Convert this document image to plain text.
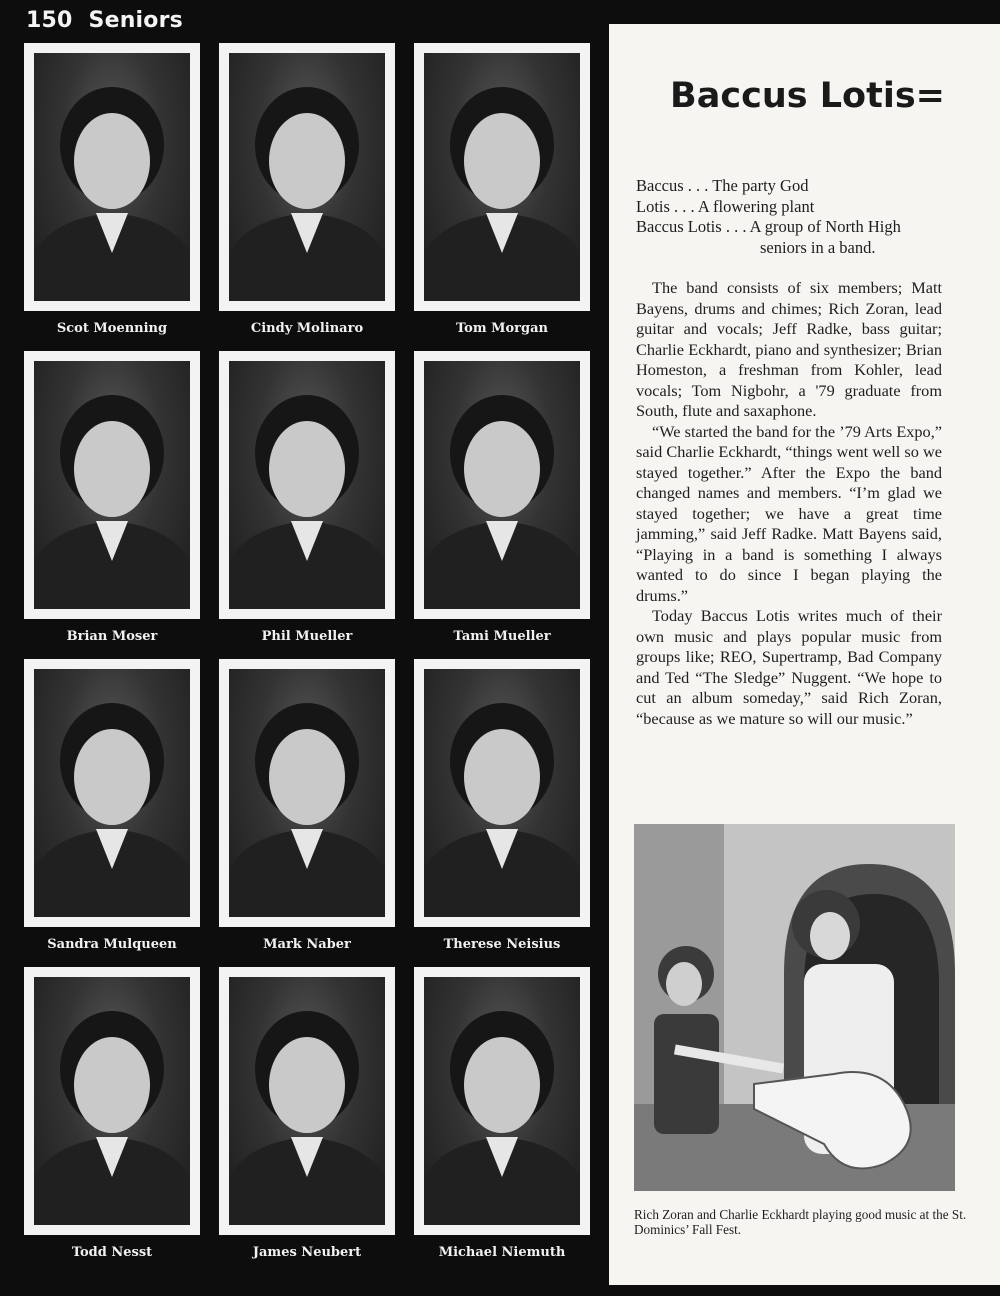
150 Seniors
Scot Moenning	Cindy Molinaro	Tom Morgan
Brian Moser	Phil Mueller	Tami Mueller
Sandra Mulqueen	Mark Naber	Therese Neisius
Todd Nesst	James Neubert	Michael Niemuth
Baccus Lotis=
Baccus . . . The party God
Lotis . . . A flowering plant
Baccus Lotis . . . A group of North High
seniors in a band.

The band consists of six members; Matt Bayens, drums and chimes; Rich Zoran, lead guitar and vocals; Jeff Radke, bass guitar; Charlie Eckhardt, piano and synthesizer; Brian Homeston, a freshman from Kohler, lead vocals; Tom Nigbohr, a '79 graduate from South, flute and saxaphone.

“We started the band for the ’79 Arts Expo,” said Charlie Eckhardt, “things went well so we stayed together.” After the Expo the band changed names and members. “I’m glad we stayed together; we have a great time jamming,” said Jeff Radke. Matt Bayens said, “Playing in a band is something I always wanted to do since I began playing the drums.”

Today Baccus Lotis writes much of their own music and plays popular music from groups like; REO, Supertramp, Bad Company and Ted “The Sledge” Nuggent. “We hope to cut an album someday,” said Rich Zoran, “because as we mature so will our music.”

Rich Zoran and Charlie Eckhardt playing good music at the St. Dominics’ Fall Fest.
